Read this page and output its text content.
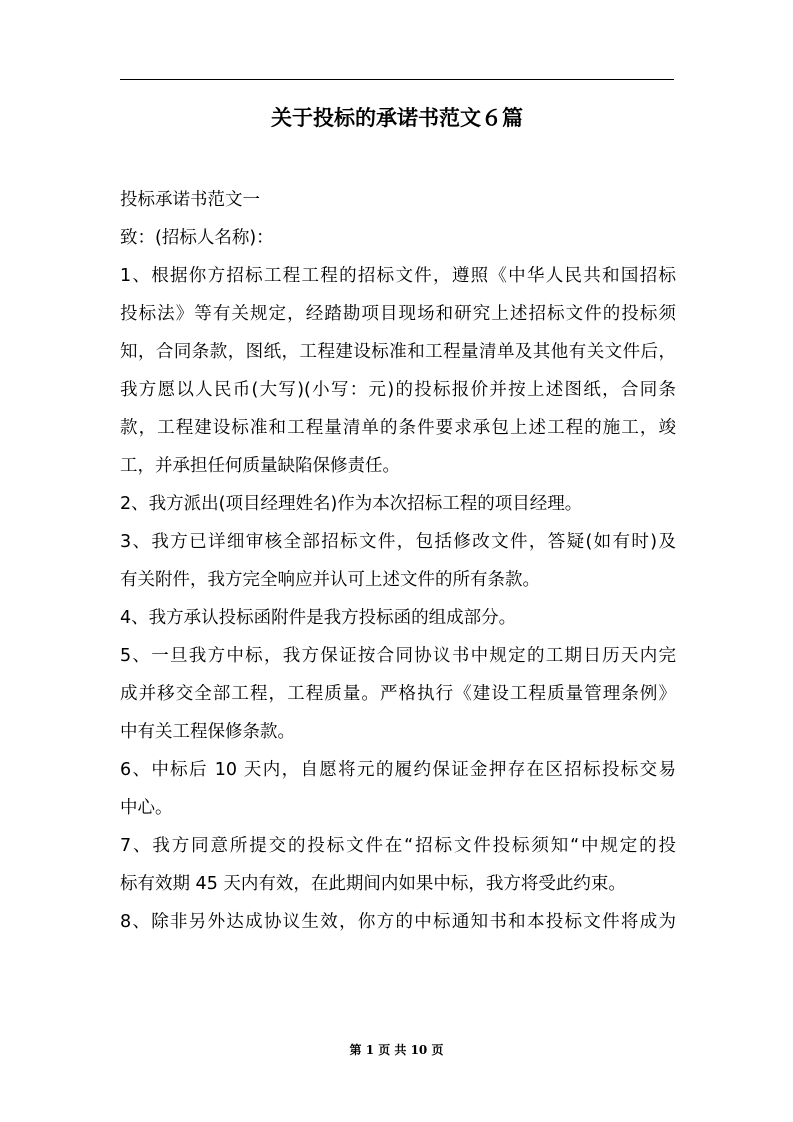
关于投标的承诺书范文６篇
投标承诺书范文一
致：(招标人名称)：
1、根据你方招标工程工程的招标文件，遵照《中华人民共和国招标
投标法》等有关规定，经踏勘项目现场和研究上述招标文件的投标须
知，合同条款，图纸，工程建设标准和工程量清单及其他有关文件后，
我方愿以人民币(大写)(小写：元)的投标报价并按上述图纸，合同条
款，工程建设标准和工程量清单的条件要求承包上述工程的施工，竣
工，并承担任何质量缺陷保修责任。
2、我方派出(项目经理姓名)作为本次招标工程的项目经理。
3、我方已详细审核全部招标文件，包括修改文件，答疑(如有时)及
有关附件，我方完全响应并认可上述文件的所有条款。
4、我方承认投标函附件是我方投标函的组成部分。
5、一旦我方中标，我方保证按合同协议书中规定的工期日历天内完
成并移交全部工程，工程质量。严格执行《建设工程质量管理条例》
中有关工程保修条款。
6、中标后 10 天内，自愿将元的履约保证金押存在区招标投标交易
中心。
7、我方同意所提交的投标文件在“招标文件投标须知“中规定的投
标有效期 45 天内有效，在此期间内如果中标，我方将受此约束。
8、除非另外达成协议生效，你方的中标通知书和本投标文件将成为
第 1 页 共 10 页
